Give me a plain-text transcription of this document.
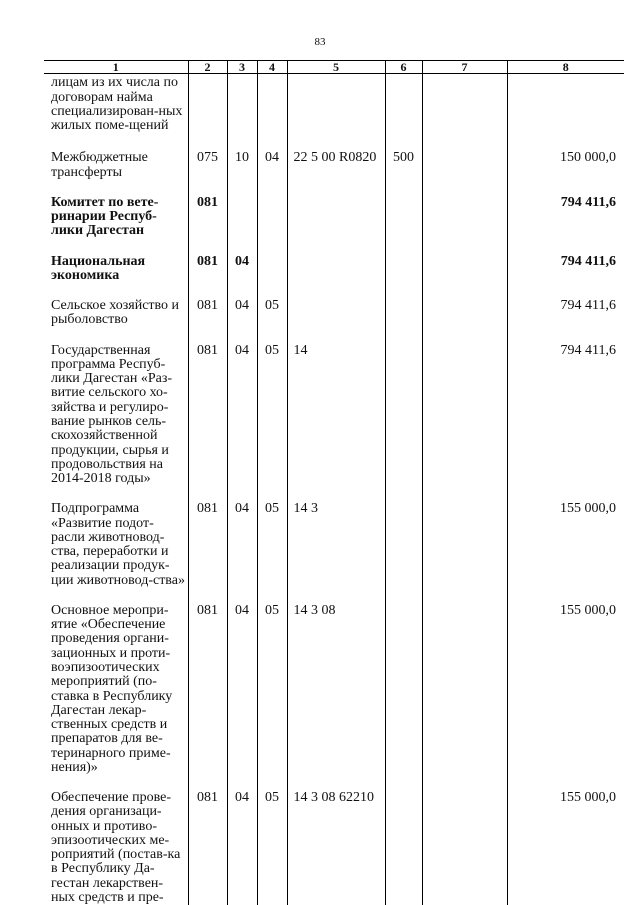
83
1	2	3	4	5	6	7	8
лицам из их числа по договорам найма специализирован-ных жилых поме-щений							
Межбюджетные трансферты	075	10	04	22 5 00 R0820	500		150 000,0
Комитет по вете-ринарии Респуб-лики Дагестан	081						794 411,6
Национальная экономика	081	04					794 411,6
Сельское хозяйство и рыболовство	081	04	05				794 411,6
Государственная программа Респуб-лики Дагестан «Раз-витие сельского хо-зяйства и регулиро-вание рынков сель-скохозяйственной продукции, сырья и продовольствия на 2014-2018 годы»	081	04	05	14			794 411,6
Подпрограмма «Развитие подот-расли животновод-ства, переработки и реализации продук-ции животновод-ства»	081	04	05	14 3			155 000,0
Основное меропри-ятие «Обеспечение проведения органи-зационных и проти-воэпизоотических мероприятий (по-ставка в Республику Дагестан лекар-ственных средств и препаратов для ве-теринарного приме-нения)»	081	04	05	14 3 08			155 000,0
Обеспечение прове-дения организаци-онных и противо-эпизоотических ме-роприятий (постав-ка в Республику Да-гестан лекарствен-ных средств и пре-	081	04	05	14 3 08 62210			155 000,0
